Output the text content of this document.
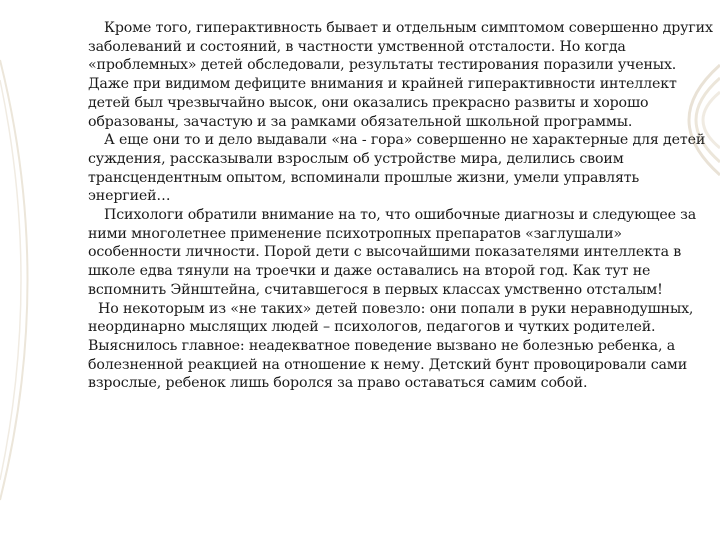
Кроме того, гиперактивность бывает и отдельным симптомом совершенно других заболеваний и состояний, в частности умственной отсталости. Но когда «проблемных» детей обследовали, результаты тестирования поразили ученых. Даже при видимом дефиците внимания и крайней гиперактивности интеллект детей был чрезвычайно высок, они оказались прекрасно развиты и хорошо образованы, зачастую и за рамками обязательной школьной программы.

А еще они то и дело выдавали «на - гора» совершенно не характерные для детей суждения, рассказывали взрослым об устройстве мира, делились своим трансцендентным опытом, вспоминали прошлые жизни, умели управлять энергией…

Психологи обратили внимание на то, что ошибочные диагнозы и следующее за ними многолетнее применение психотропных препаратов «заглушали» особенности личности. Порой дети с высочайшими показателями интеллекта в школе едва тянули на троечки и даже оставались на второй год. Как тут не вспомнить Эйнштейна, считавшегося в первых классах умственно отсталым!

Но некоторым из «не таких» детей повезло: они попали в руки неравнодушных, неординарно мыслящих людей – психологов, педагогов и чутких родителей. Выяснилось главное: неадекватное поведение вызвано не болезнью ребенка, а болезненной реакцией на отношение к нему. Детский бунт провоцировали сами взрослые, ребенок лишь боролся за право оставаться самим собой.
